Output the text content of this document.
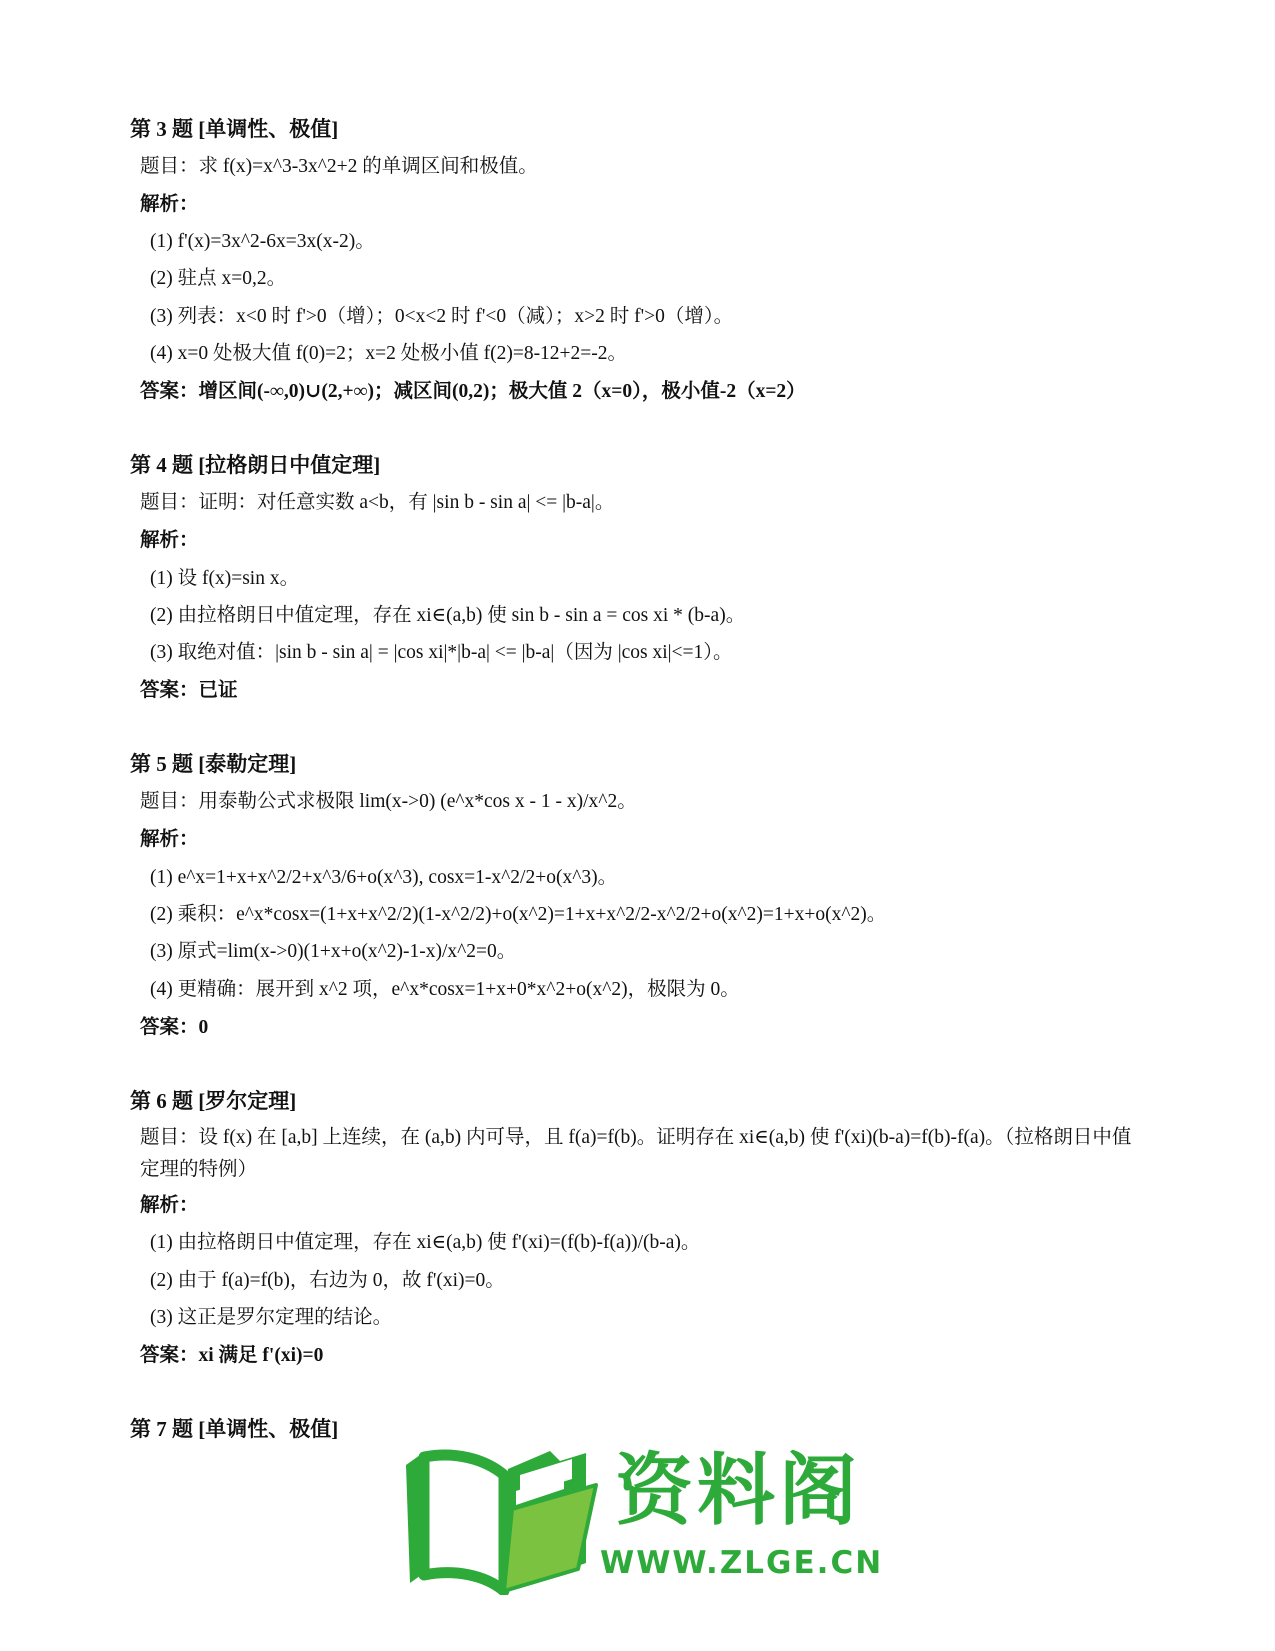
第 3 题 [单调性、极值]
题目：求 f(x)=x^3-3x^2+2 的单调区间和极值。
解析：
(1) f'(x)=3x^2-6x=3x(x-2)。
(2) 驻点 x=0,2。
(3) 列表：x<0 时 f'>0（增）；0<x<2 时 f'<0（减）；x>2 时 f'>0（增）。
(4) x=0 处极大值 f(0)=2；x=2 处极小值 f(2)=8-12+2=-2。
答案：增区间(-∞,0)∪(2,+∞)；减区间(0,2)；极大值 2（x=0），极小值-2（x=2）
第 4 题 [拉格朗日中值定理]
题目：证明：对任意实数 a<b，有 |sin b - sin a| <= |b-a|。
解析：
(1) 设 f(x)=sin x。
(2) 由拉格朗日中值定理，存在 xi∈(a,b) 使 sin b - sin a = cos xi * (b-a)。
(3) 取绝对值：|sin b - sin a| = |cos xi|*|b-a| <= |b-a|（因为 |cos xi|<=1）。
答案：已证
第 5 题 [泰勒定理]
题目：用泰勒公式求极限 lim(x->0) (e^x*cos x - 1 - x)/x^2。
解析：
(1) e^x=1+x+x^2/2+x^3/6+o(x^3), cosx=1-x^2/2+o(x^3)。
(2) 乘积：e^x*cosx=(1+x+x^2/2)(1-x^2/2)+o(x^2)=1+x+x^2/2-x^2/2+o(x^2)=1+x+o(x^2)。
(3) 原式=lim(x->0)(1+x+o(x^2)-1-x)/x^2=0。
(4) 更精确：展开到 x^2 项，e^x*cosx=1+x+0*x^2+o(x^2)，极限为 0。
答案：0
第 6 题 [罗尔定理]
题目：设 f(x) 在 [a,b] 上连续，在 (a,b) 内可导，且 f(a)=f(b)。证明存在 xi∈(a,b) 使 f'(xi)(b-a)=f(b)-f(a)。（拉格朗日中值定理的特例）
解析：
(1) 由拉格朗日中值定理，存在 xi∈(a,b) 使 f'(xi)=(f(b)-f(a))/(b-a)。
(2) 由于 f(a)=f(b)，右边为 0，故 f'(xi)=0。
(3) 这正是罗尔定理的结论。
答案：xi 满足 f'(xi)=0
第 7 题 [单调性、极值]
资料阁
WWW.ZLGE.CN
